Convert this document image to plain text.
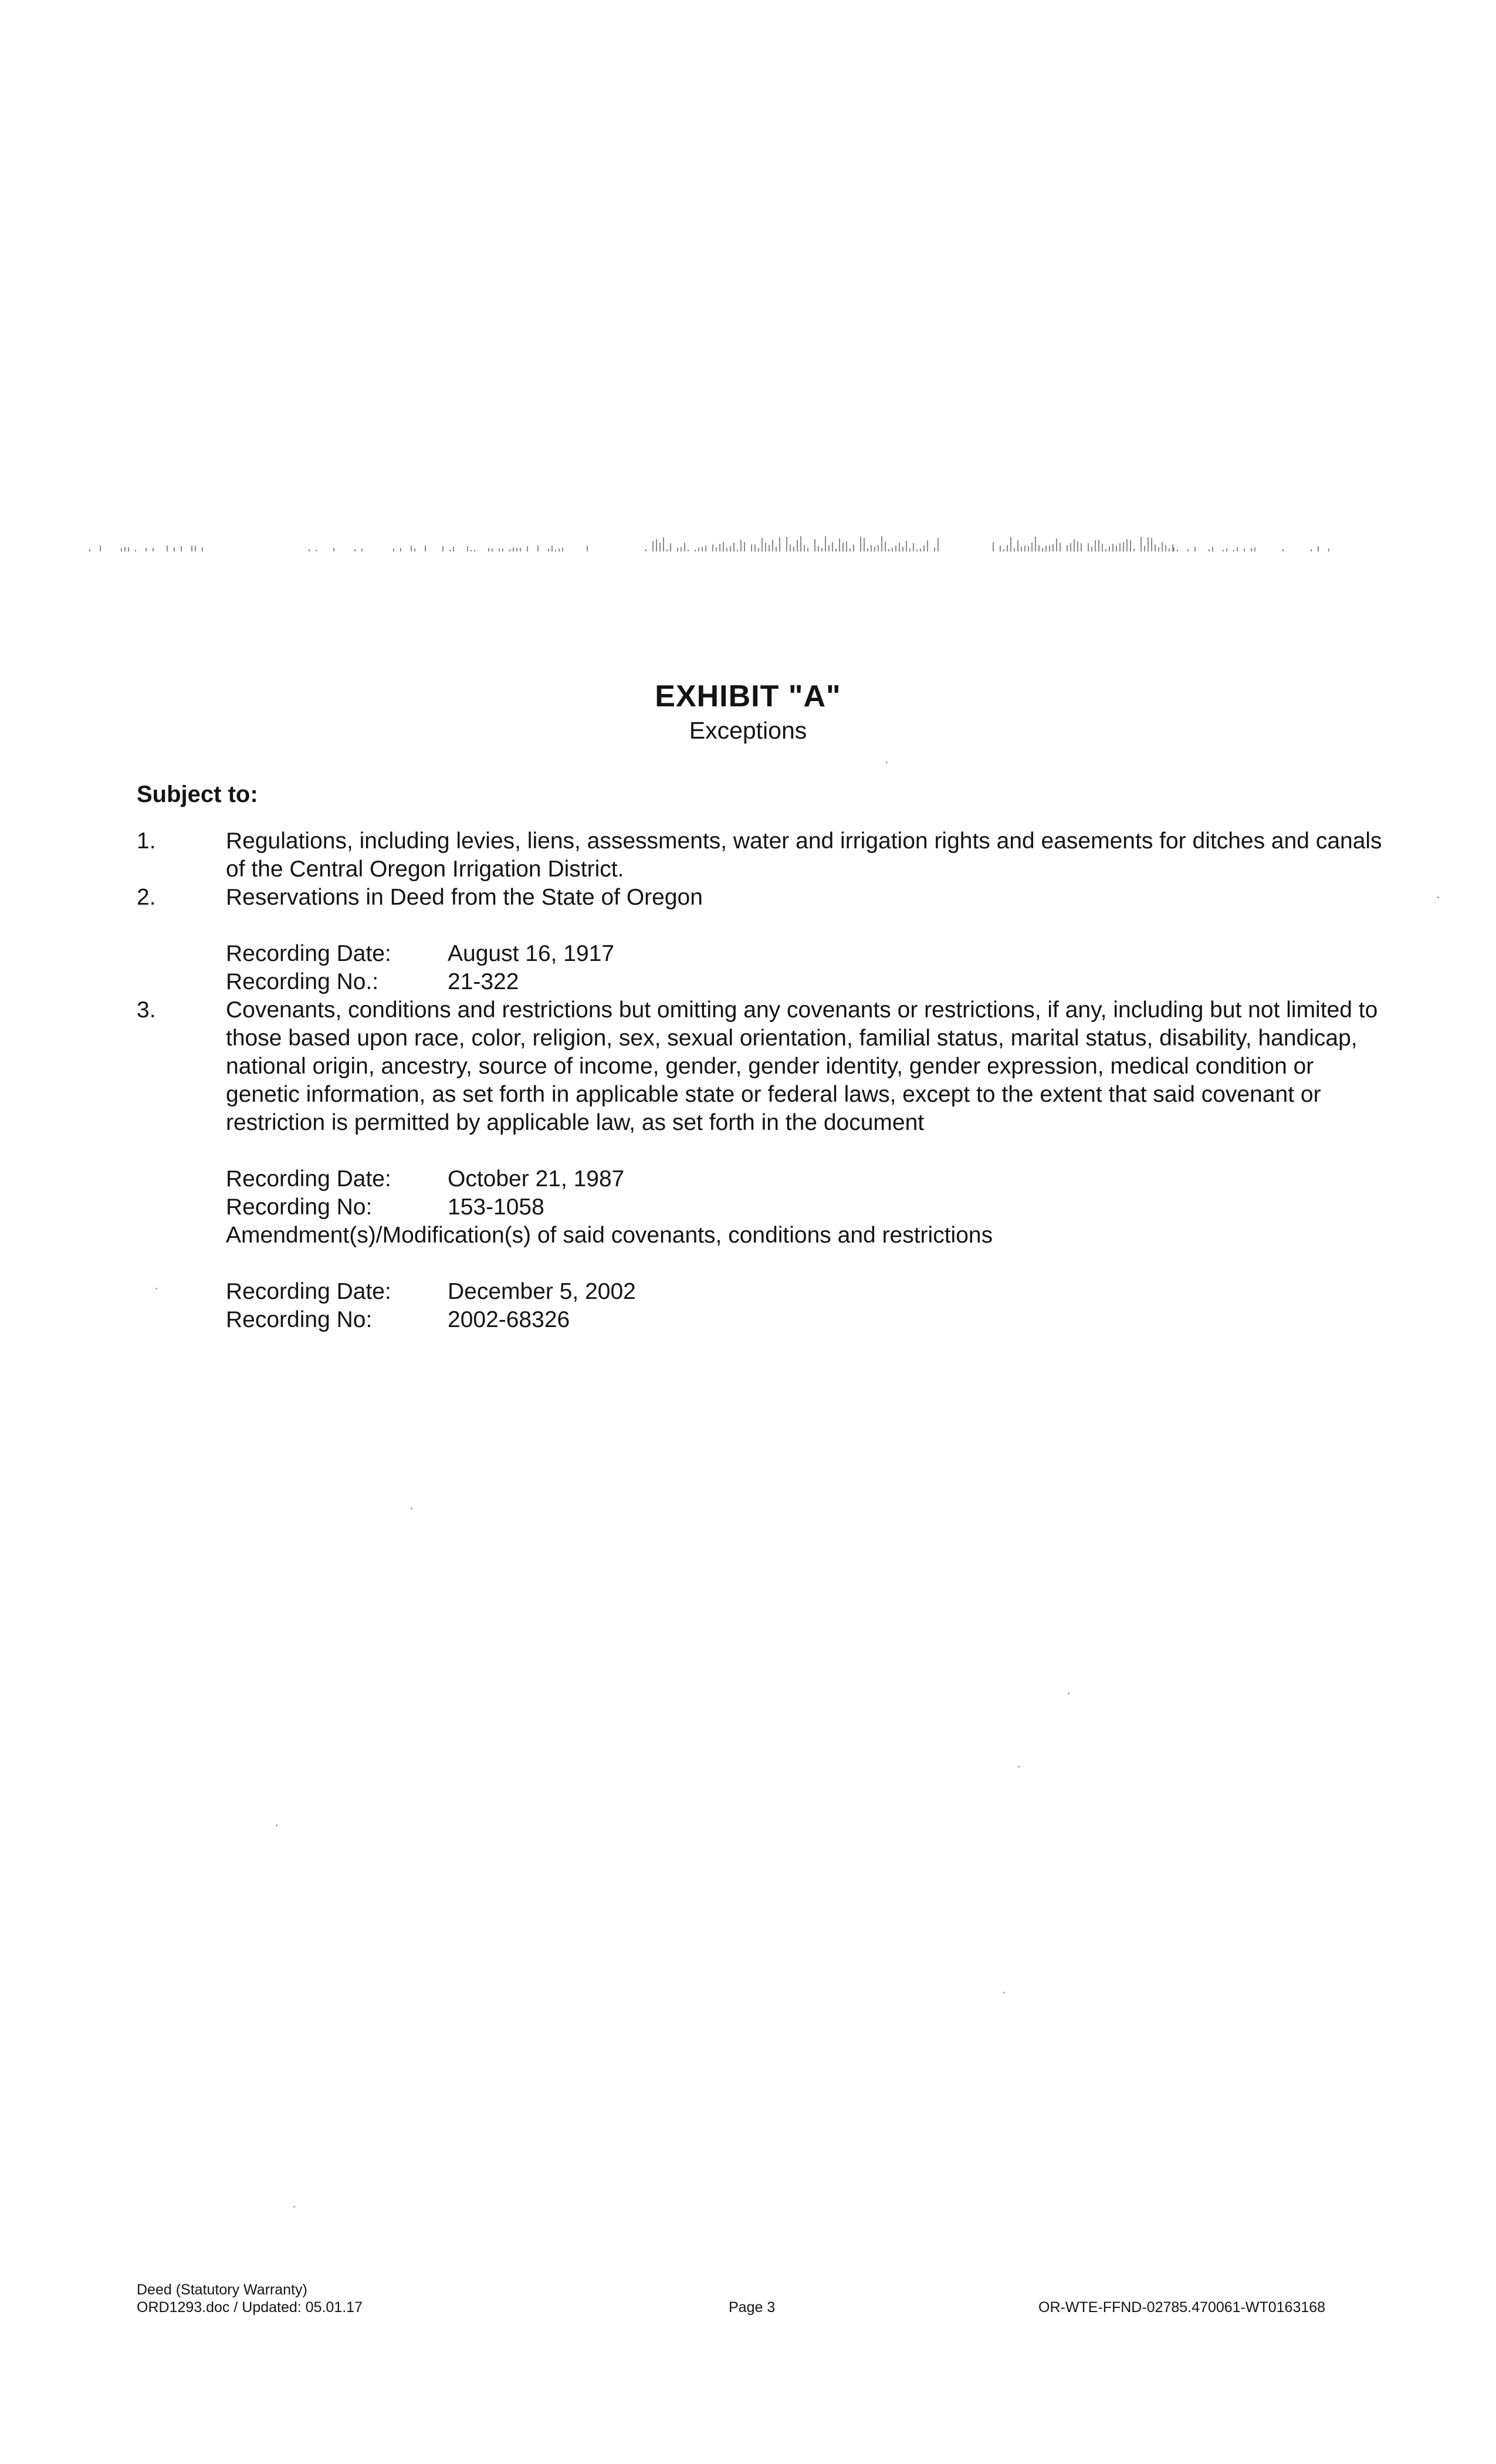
EXHIBIT "A"
Exceptions
Subject to:
1.	Regulations, including levies, liens, assessments, water and irrigation rights and easements for ditches and canals of the Central Oregon Irrigation District.
2.	Reservations in Deed from the State of Oregon
Recording Date:	August 16, 1917
Recording No.:	21-322
3.	Covenants, conditions and restrictions but omitting any covenants or restrictions, if any, including but not limited to those based upon race, color, religion, sex, sexual orientation, familial status, marital status, disability, handicap, national origin, ancestry, source of income, gender, gender identity, gender expression, medical condition or genetic information, as set forth in applicable state or federal laws, except to the extent that said covenant or restriction is permitted by applicable law, as set forth in the document
Recording Date:	October 21, 1987
Recording No:	153-1058
Amendment(s)/Modification(s) of said covenants, conditions and restrictions
Recording Date:	December 5, 2002
Recording No:	2002-68326
Deed (Statutory Warranty)
ORD1293.doc / Updated: 05.01.17	Page 3	OR-WTE-FFND-02785.470061-WT0163168
